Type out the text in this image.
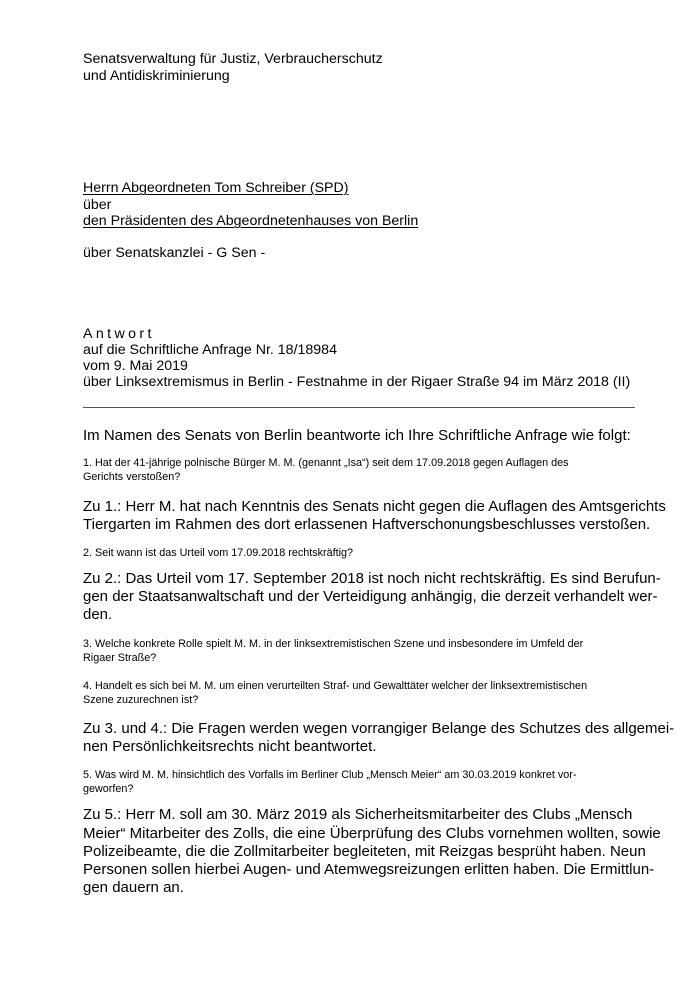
Senatsverwaltung für Justiz, Verbraucherschutz
und Antidiskriminierung
Herrn Abgeordneten Tom Schreiber (SPD)
über
den Präsidenten des Abgeordnetenhauses von Berlin
über Senatskanzlei - G Sen -
Antwort
auf die Schriftliche Anfrage Nr. 18/18984
vom 9. Mai 2019
über Linksextremismus in Berlin - Festnahme in der Rigaer Straße 94 im März 2018 (II)
Im Namen des Senats von Berlin beantworte ich Ihre Schriftliche Anfrage wie folgt:
1. Hat der 41-jährige polnische Bürger M. M. (genannt „Isa“) seit dem 17.09.2018 gegen Auflagen des
Gerichts verstoßen?
Zu 1.: Herr M. hat nach Kenntnis des Senats nicht gegen die Auflagen des Amtsgerichts
Tiergarten im Rahmen des dort erlassenen Haftverschonungsbeschlusses verstoßen.
2. Seit wann ist das Urteil vom 17.09.2018 rechtskräftig?
Zu 2.: Das Urteil vom 17. September 2018 ist noch nicht rechtskräftig. Es sind Berufun-
gen der Staatsanwaltschaft und der Verteidigung anhängig, die derzeit verhandelt wer-
den.
3. Welche konkrete Rolle spielt M. M. in der linksextremistischen Szene und insbesondere im Umfeld der
Rigaer Straße?
4. Handelt es sich bei M. M. um einen verurteilten Straf- und Gewalttäter welcher der linksextremistischen
Szene zuzurechnen ist?
Zu 3. und 4.: Die Fragen werden wegen vorrangiger Belange des Schutzes des allgemei-
nen Persönlichkeitsrechts nicht beantwortet.
5. Was wird M. M. hinsichtlich des Vorfalls im Berliner Club „Mensch Meier“ am 30.03.2019 konkret vor-
geworfen?
Zu 5.: Herr M. soll am 30. März 2019 als Sicherheitsmitarbeiter des Clubs „Mensch
Meier“ Mitarbeiter des Zolls, die eine Überprüfung des Clubs vornehmen wollten, sowie
Polizeibeamte, die die Zollmitarbeiter begleiteten, mit Reizgas besprüht haben. Neun
Personen sollen hierbei Augen- und Atemwegsreizungen erlitten haben. Die Ermittlun-
gen dauern an.
